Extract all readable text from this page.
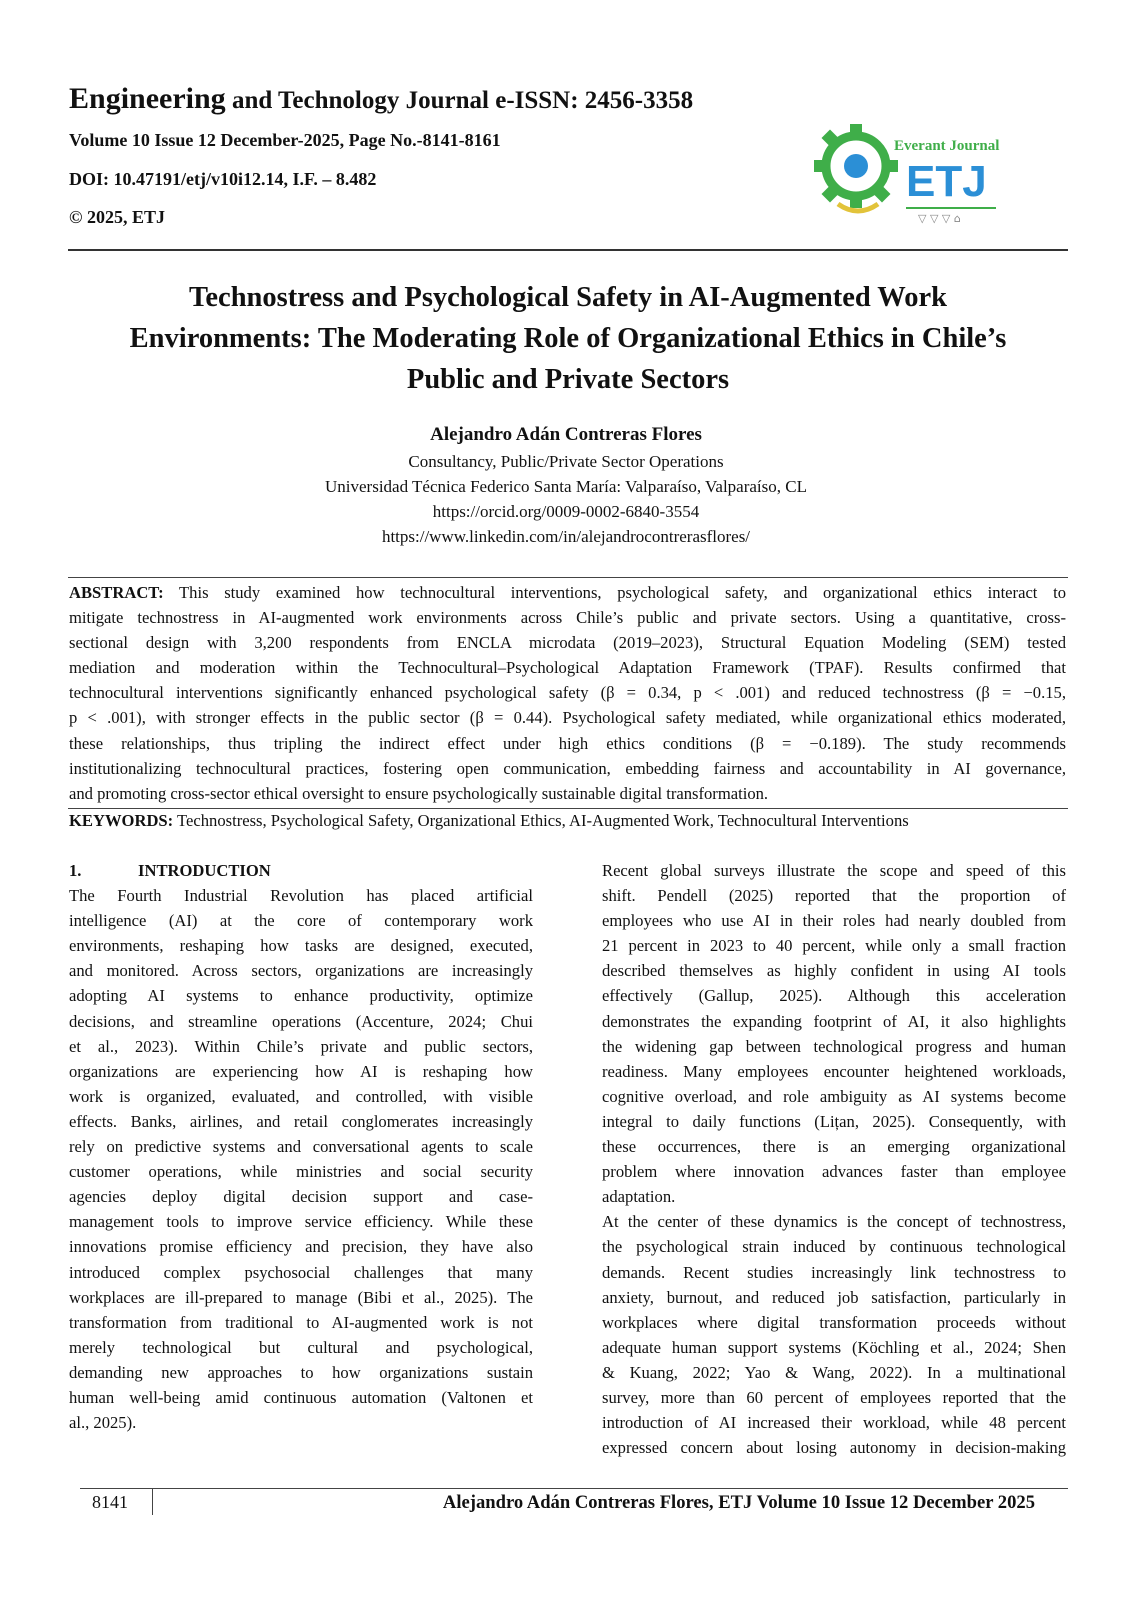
Engineering and Technology Journal e-ISSN: 2456-3358
Volume 10 Issue 12 December-2025, Page No.-8141-8161
DOI: 10.47191/etj/v10i12.14, I.F. – 8.482
© 2025, ETJ
Everant Journal
ETJ
▽ ▽ ▽ ⌂
Technostress and Psychological Safety in AI-Augmented Work
Environments: The Moderating Role of Organizational Ethics in Chile’s
Public and Private Sectors
Alejandro Adán Contreras Flores
Consultancy, Public/Private Sector Operations
Universidad Técnica Federico Santa María: Valparaíso, Valparaíso, CL
https://orcid.org/0009-0002-6840-3554
https://www.linkedin.com/in/alejandrocontrerasflores/
ABSTRACT: This study examined how technocultural interventions, psychological safety, and organizational ethics interact to
mitigate technostress in AI-augmented work environments across Chile’s public and private sectors. Using a quantitative, cross-
sectional design with 3,200 respondents from ENCLA microdata (2019–2023), Structural Equation Modeling (SEM) tested
mediation and moderation within the Technocultural–Psychological Adaptation Framework (TPAF). Results confirmed that
technocultural interventions significantly enhanced psychological safety (β = 0.34, p < .001) and reduced technostress (β = −0.15,
p < .001), with stronger effects in the public sector (β = 0.44). Psychological safety mediated, while organizational ethics moderated,
these relationships, thus tripling the indirect effect under high ethics conditions (β = −0.189). The study recommends
institutionalizing technocultural practices, fostering open communication, embedding fairness and accountability in AI governance,
and promoting cross-sector ethical oversight to ensure psychologically sustainable digital transformation.
KEYWORDS: Technostress, Psychological Safety, Organizational Ethics, AI-Augmented Work, Technocultural Interventions
1.	INTRODUCTION
The Fourth Industrial Revolution has placed artificial
intelligence (AI) at the core of contemporary work
environments, reshaping how tasks are designed, executed,
and monitored. Across sectors, organizations are increasingly
adopting AI systems to enhance productivity, optimize
decisions, and streamline operations (Accenture, 2024; Chui
et al., 2023). Within Chile’s private and public sectors,
organizations are experiencing how AI is reshaping how
work is organized, evaluated, and controlled, with visible
effects. Banks, airlines, and retail conglomerates increasingly
rely on predictive systems and conversational agents to scale
customer operations, while ministries and social security
agencies deploy digital decision support and case-
management tools to improve service efficiency. While these
innovations promise efficiency and precision, they have also
introduced complex psychosocial challenges that many
workplaces are ill-prepared to manage (Bibi et al., 2025). The
transformation from traditional to AI-augmented work is not
merely technological but cultural and psychological,
demanding new approaches to how organizations sustain
human well-being amid continuous automation (Valtonen et
al., 2025).
Recent global surveys illustrate the scope and speed of this
shift. Pendell (2025) reported that the proportion of
employees who use AI in their roles had nearly doubled from
21 percent in 2023 to 40 percent, while only a small fraction
described themselves as highly confident in using AI tools
effectively (Gallup, 2025). Although this acceleration
demonstrates the expanding footprint of AI, it also highlights
the widening gap between technological progress and human
readiness. Many employees encounter heightened workloads,
cognitive overload, and role ambiguity as AI systems become
integral to daily functions (Lițan, 2025). Consequently, with
these occurrences, there is an emerging organizational
problem where innovation advances faster than employee
adaptation.
At the center of these dynamics is the concept of technostress,
the psychological strain induced by continuous technological
demands. Recent studies increasingly link technostress to
anxiety, burnout, and reduced job satisfaction, particularly in
workplaces where digital transformation proceeds without
adequate human support systems (Köchling et al., 2024; Shen
& Kuang, 2022; Yao & Wang, 2022). In a multinational
survey, more than 60 percent of employees reported that the
introduction of AI increased their workload, while 48 percent
expressed concern about losing autonomy in decision-making
8141	Alejandro Adán Contreras Flores, ETJ Volume 10 Issue 12 December 2025
